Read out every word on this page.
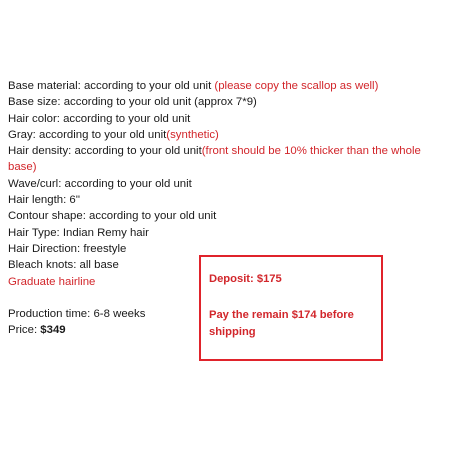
Base material: according to your old unit (please copy the scallop as well)
Base size: according to your old unit (approx 7*9)
Hair color: according to your old unit
Gray: according to your old unit(synthetic)
Hair density: according to your old unit(front should be 10% thicker than the whole
base)
Wave/curl: according to your old unit
Hair length: 6''
Contour shape: according to your old unit
Hair Type: Indian Remy hair
Hair Direction: freestyle
Bleach knots: all base
Graduate hairline
Production time: 6-8 weeks
Price: $349
Deposit: $175
Pay the remain $174 before
shipping
